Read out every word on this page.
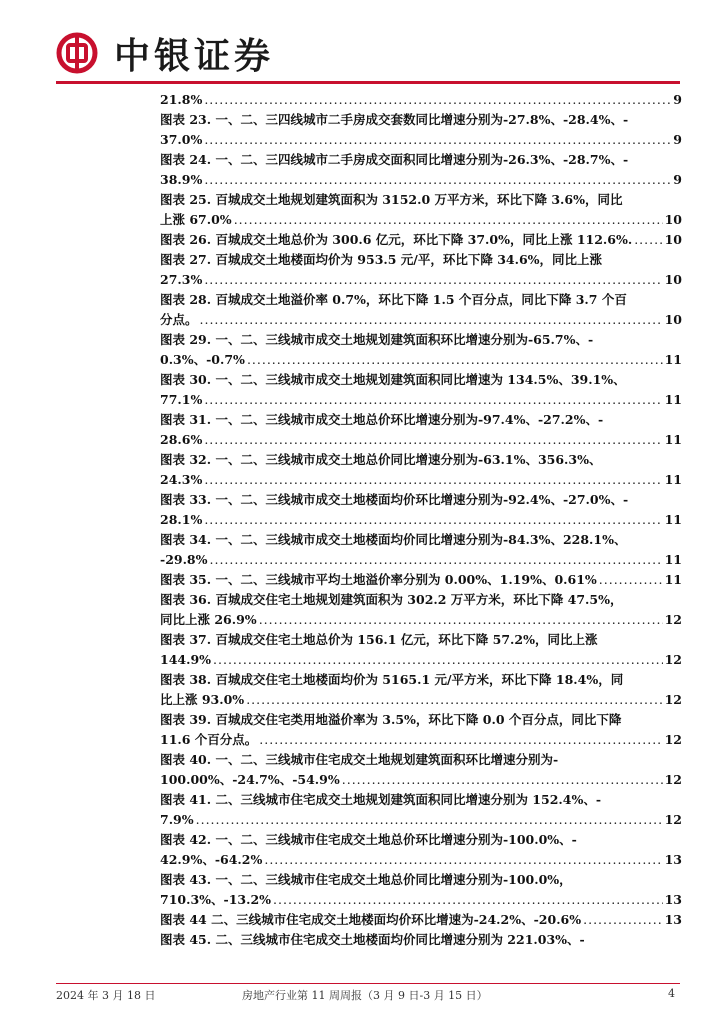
中银证券
21.8% .....	9
图表 23. 一、二、三四线城市二手房成交套数同比增速分别为-27.8%、-28.4%、-
37.0% .....	9
图表 24. 一、二、三四线城市二手房成交面积同比增速分别为-26.3%、-28.7%、-
38.9% .....	9
图表 25. 百城成交土地规划建筑面积为 3152.0 万平方米，环比下降 3.6%，同比
上涨 67.0% .....	10
图表 26. 百城成交土地总价为 300.6 亿元，环比下降 37.0%，同比上涨 112.6%. .....	10
图表 27. 百城成交土地楼面均价为 953.5 元/平，环比下降 34.6%，同比上涨
27.3% .....	10
图表 28. 百城成交土地溢价率 0.7%，环比下降 1.5 个百分点，同比下降 3.7 个百
分点。 .....	10
图表 29. 一、二、三线城市成交土地规划建筑面积环比增速分别为-65.7%、-
0.3%、-0.7% .....	11
图表 30. 一、二、三线城市成交土地规划建筑面积同比增速为 134.5%、39.1%、
77.1% .....	11
图表 31. 一、二、三线城市成交土地总价环比增速分别为-97.4%、-27.2%、-
28.6% .....	11
图表 32. 一、二、三线城市成交土地总价同比增速分别为-63.1%、356.3%、
24.3% .....	11
图表 33. 一、二、三线城市成交土地楼面均价环比增速分别为-92.4%、-27.0%、-
28.1% .....	11
图表 34. 一、二、三线城市成交土地楼面均价同比增速分别为-84.3%、228.1%、
-29.8% .....	11
图表 35. 一、二、三线城市平均土地溢价率分别为 0.00%、1.19%、0.61% .....	11
图表 36. 百城成交住宅土地规划建筑面积为 302.2 万平方米，环比下降 47.5%，
同比上涨 26.9% .....	12
图表 37. 百城成交住宅土地总价为 156.1 亿元，环比下降 57.2%，同比上涨
144.9% .....	12
图表 38. 百城成交住宅土地楼面均价为 5165.1 元/平方米，环比下降 18.4%，同
比上涨 93.0% .....	12
图表 39. 百城成交住宅类用地溢价率为 3.5%，环比下降 0.0 个百分点，同比下降
11.6 个百分点。 .....	12
图表 40. 一、二、三线城市住宅成交土地规划建筑面积环比增速分别为-
100.00%、-24.7%、-54.9% .....	12
图表 41. 二、三线城市住宅成交土地规划建筑面积同比增速分别为 152.4%、-
7.9% .....	12
图表 42. 一、二、三线城市住宅成交土地总价环比增速分别为-100.0%、-
42.9%、-64.2% .....	13
图表 43. 一、二、三线城市住宅成交土地总价同比增速分别为-100.0%，
710.3%、-13.2% .....	13
图表 44 二、三线城市住宅成交土地楼面均价环比增速为-24.2%、-20.6% .....	13
图表 45. 二、三线城市住宅成交土地楼面均价同比增速分别为 221.03%、-
2024 年 3 月 18 日	房地产行业第 11 周周报（3 月 9 日-3 月 15 日）	4
